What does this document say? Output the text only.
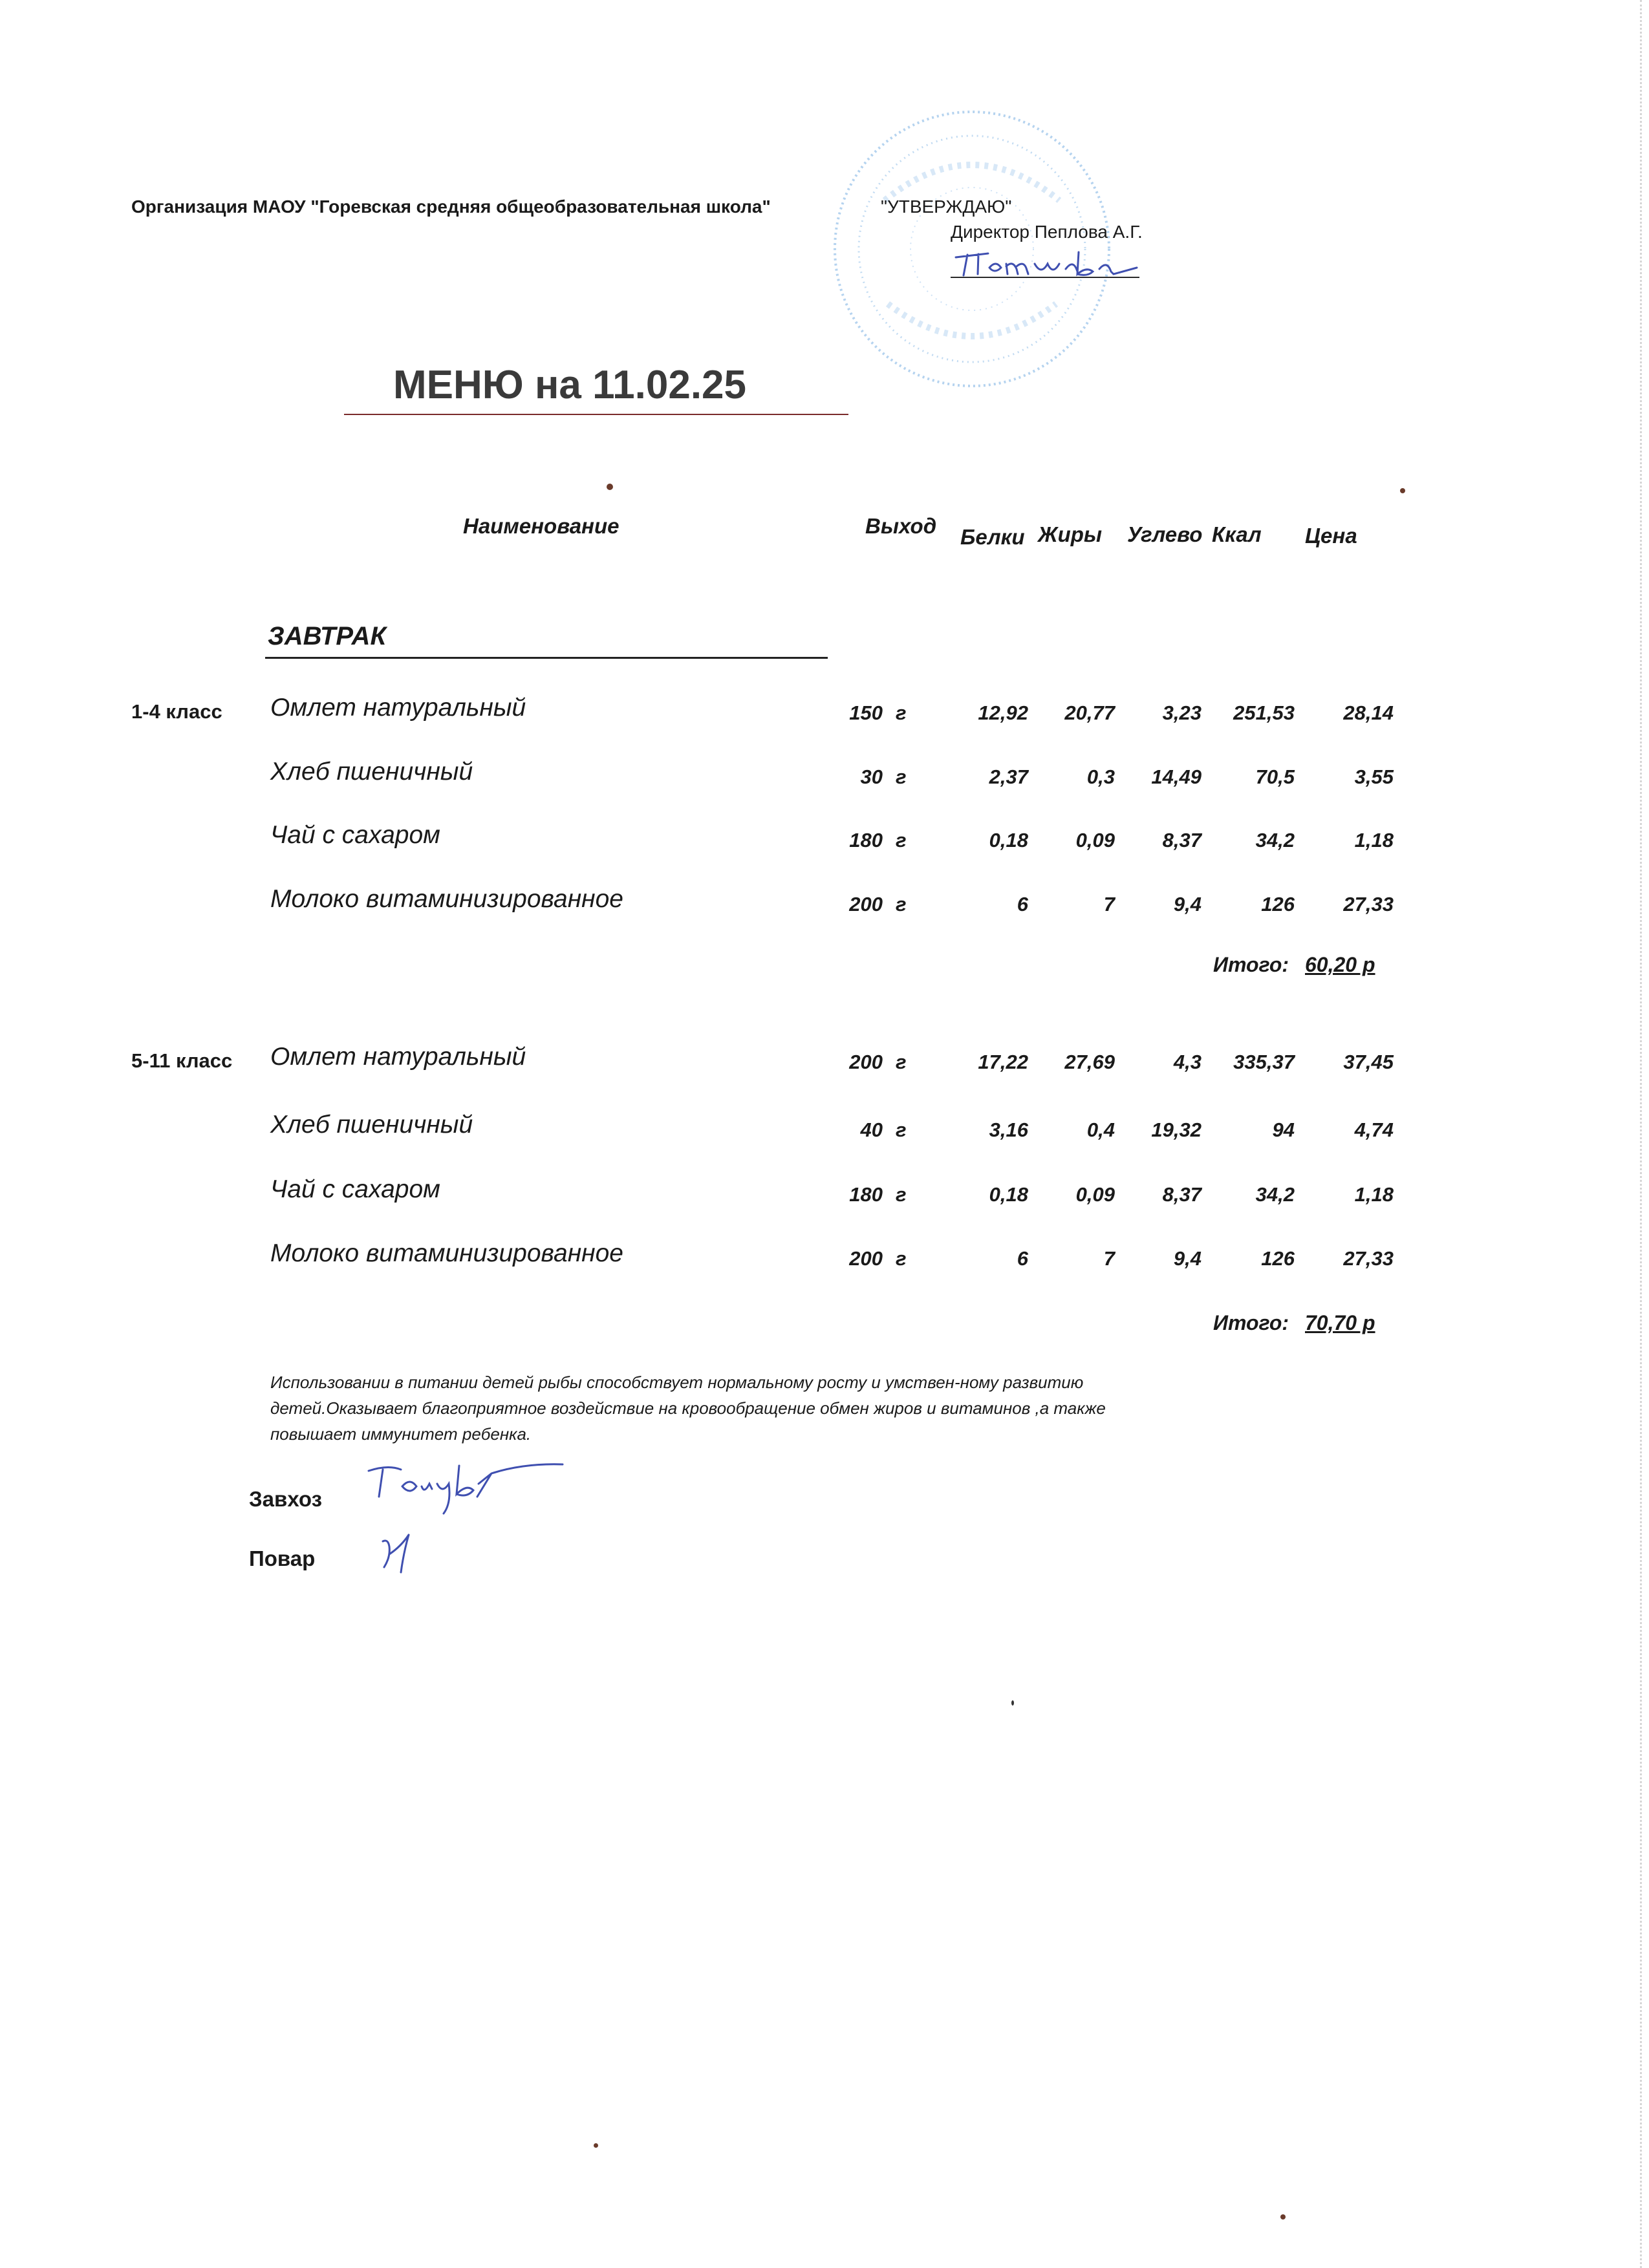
Организация МАОУ "Горевская средняя общеобразовательная школа"	"УТВЕРЖДАЮ"
Директор Пеплова А.Г.
МЕНЮ на 11.02.25
Наименование	Выход Белки Жиры Углево Ккал Цена
ЗАВТРАК
1-4 класс Омлет натуральный	150 г	12,92 20,77 3,23 251,53 28,14
Хлеб пшеничный	30 г	2,37	0,3 14,49	70,5	3,55
Чай с сахаром	180 г	0,18 0,09 8,37	34,2	1,18
Молоко витаминизированное	200 г	6	7	9,4	126 27,33
Итого: 60,20 р
5-11 класс Омлет натуральный	200 г	17,22 27,69	4,3 335,37 37,45
Хлеб пшеничный	40 г	3,16	0,4 19,32	94	4,74
Чай с сахаром	180 г	0,18 0,09 8,37	34,2	1,18
Молоко витаминизированное	200 г	6	7	9,4	126 27,33
Итого: 70,70 р
Использовании в питании детей рыбы способствует нормальному росту и умствен-ному развитию детей.Оказывает благоприятное воздействие на кровообращение обмен жиров и витаминов ,а также повышает иммунитет ребенка.
Завхоз
Повар
